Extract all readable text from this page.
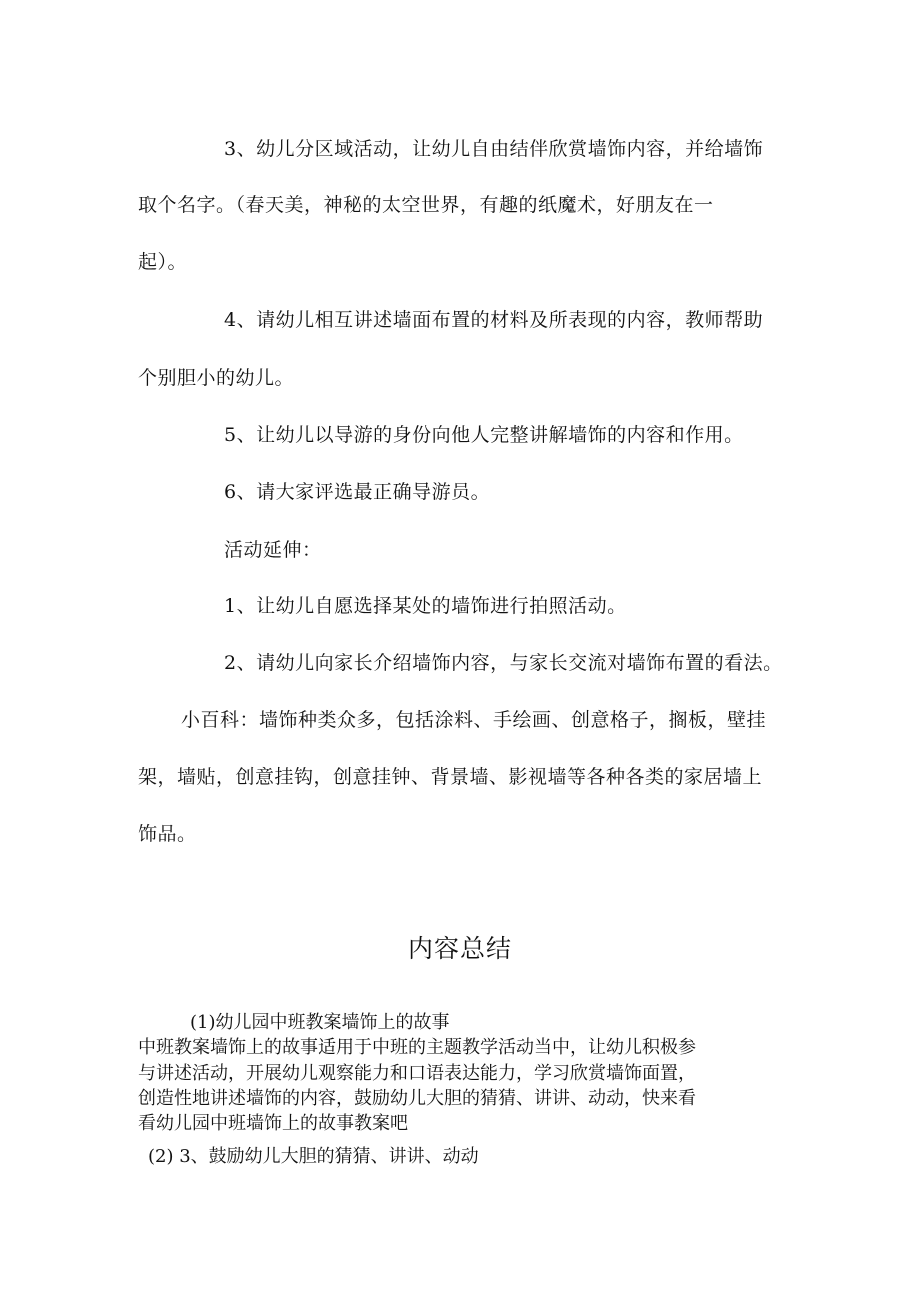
3、幼儿分区域活动，让幼儿自由结伴欣赏墙饰内容，并给墙饰
取个名字。（春天美，神秘的太空世界，有趣的纸魔术，好朋友在一
起）。
4、请幼儿相互讲述墙面布置的材料及所表现的内容，教师帮助
个别胆小的幼儿。
5、让幼儿以导游的身份向他人完整讲解墙饰的内容和作用。
6、请大家评选最正确导游员。
活动延伸：
1、让幼儿自愿选择某处的墙饰进行拍照活动。
2、请幼儿向家长介绍墙饰内容，与家长交流对墙饰布置的看法。
小百科：墙饰种类众多，包括涂料、手绘画、创意格子，搁板，壁挂
架，墙贴，创意挂钩，创意挂钟、背景墙、影视墙等各种各类的家居墙上
饰品。
内容总结
(1)幼儿园中班教案墙饰上的故事
中班教案墙饰上的故事适用于中班的主题教学活动当中，让幼儿积极参
与讲述活动，开展幼儿观察能力和口语表达能力，学习欣赏墙饰面置，
创造性地讲述墙饰的内容，鼓励幼儿大胆的猜猜、讲讲、动动，快来看
看幼儿园中班墙饰上的故事教案吧
(2) 3、鼓励幼儿大胆的猜猜、讲讲、动动
